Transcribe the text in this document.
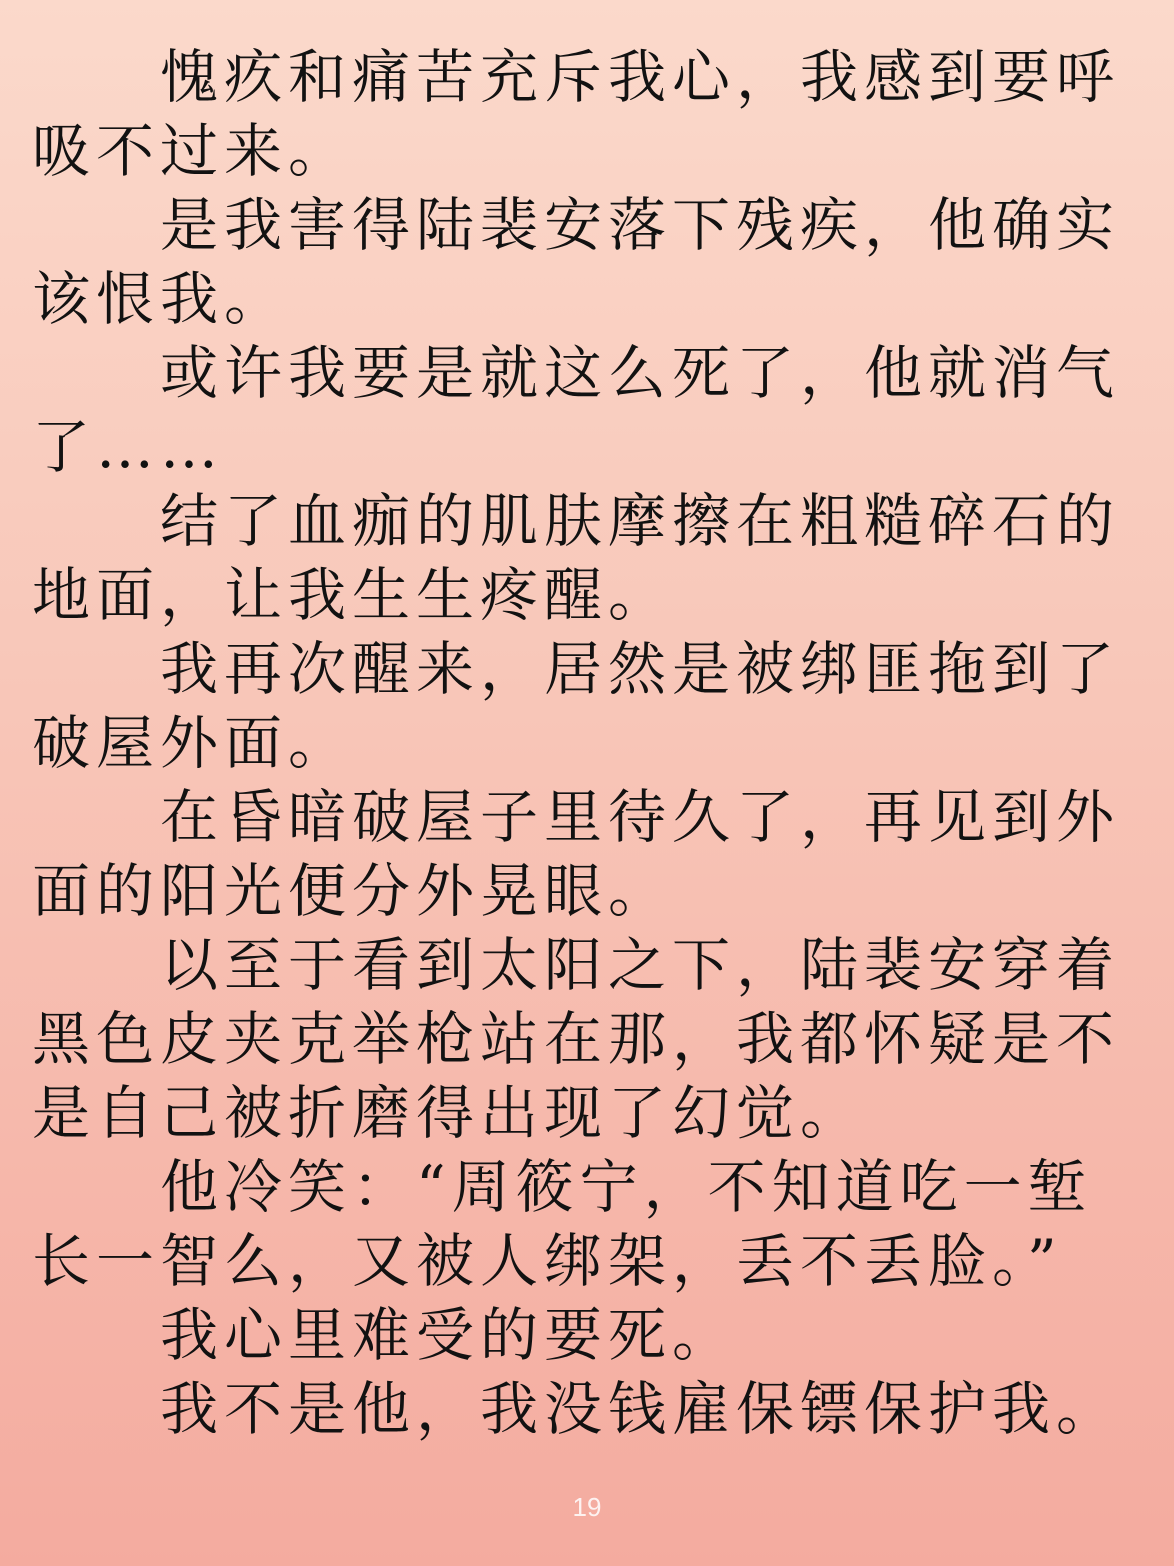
愧疚和痛苦充斥我心，我感到要呼
吸不过来。
是我害得陆裴安落下残疾，他确实
该恨我。
或许我要是就这么死了，他就消气
了……
结了血痂的肌肤摩擦在粗糙碎石的
地面，让我生生疼醒。
我再次醒来，居然是被绑匪拖到了
破屋外面。
在昏暗破屋子里待久了，再见到外
面的阳光便分外晃眼。
以至于看到太阳之下，陆裴安穿着
黑色皮夹克举枪站在那，我都怀疑是不
是自己被折磨得出现了幻觉。
他冷笑：“周筱宁，不知道吃一堑
长一智么，又被人绑架，丢不丢脸。”
我心里难受的要死。
我不是他，我没钱雇保镖保护我。
19
